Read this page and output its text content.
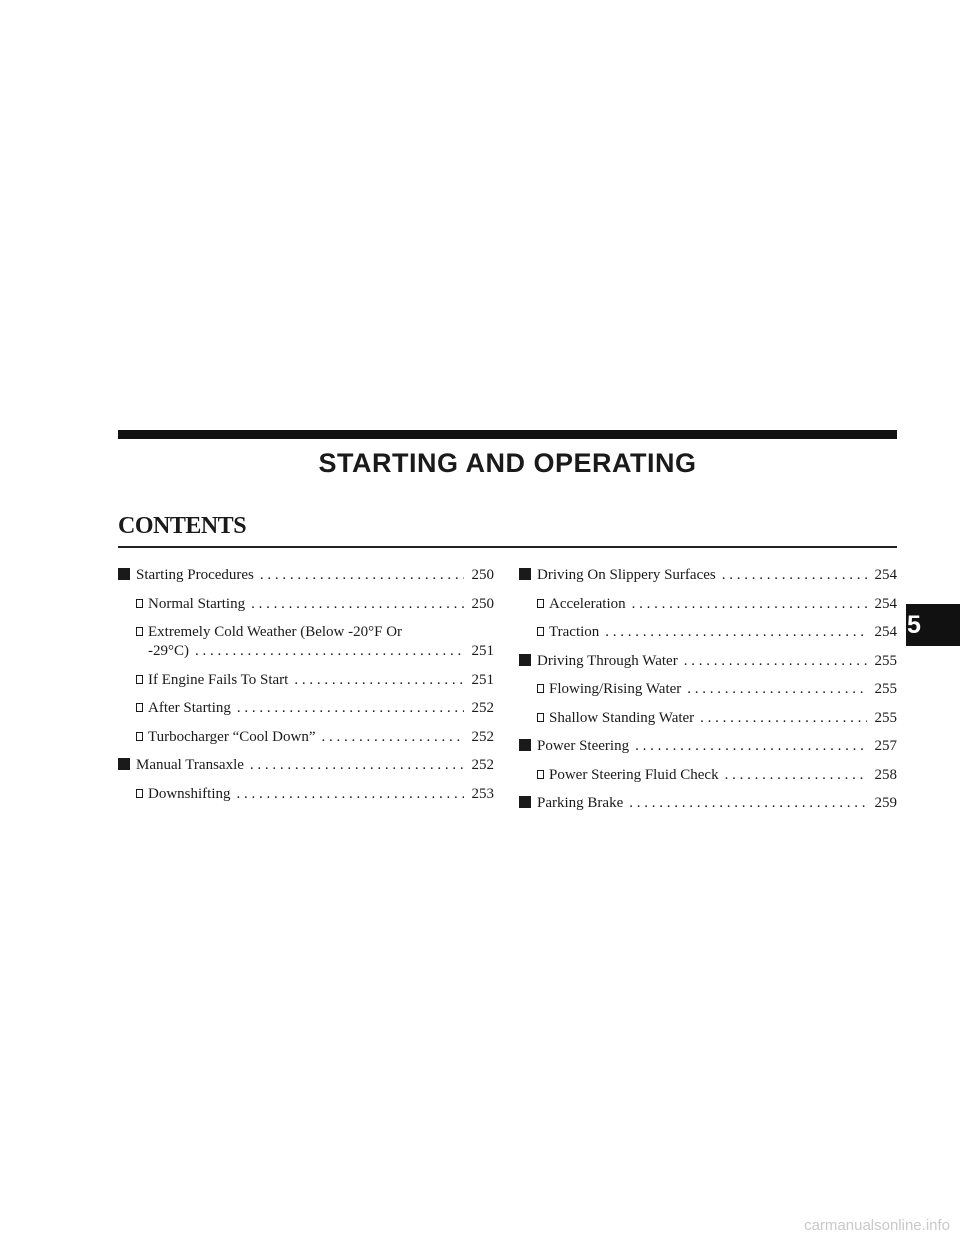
STARTING AND OPERATING
CONTENTS
Starting Procedures . . .	250
Normal Starting . . .	250
Extremely Cold Weather (Below -20°F Or
-29°C) . . .	251
If Engine Fails To Start . . .	251
After Starting . . .	252
Turbocharger “Cool Down” . . .	252
Manual Transaxle . . .	252
Downshifting . . .	253
Driving On Slippery Surfaces . . .	254
Acceleration . . .	254
Traction . . .	254
Driving Through Water . . .	255
Flowing/Rising Water . . .	255
Shallow Standing Water . . .	255
Power Steering . . .	257
Power Steering Fluid Check . . .	258
Parking Brake . . .	259
5
carmanualsonline.info
